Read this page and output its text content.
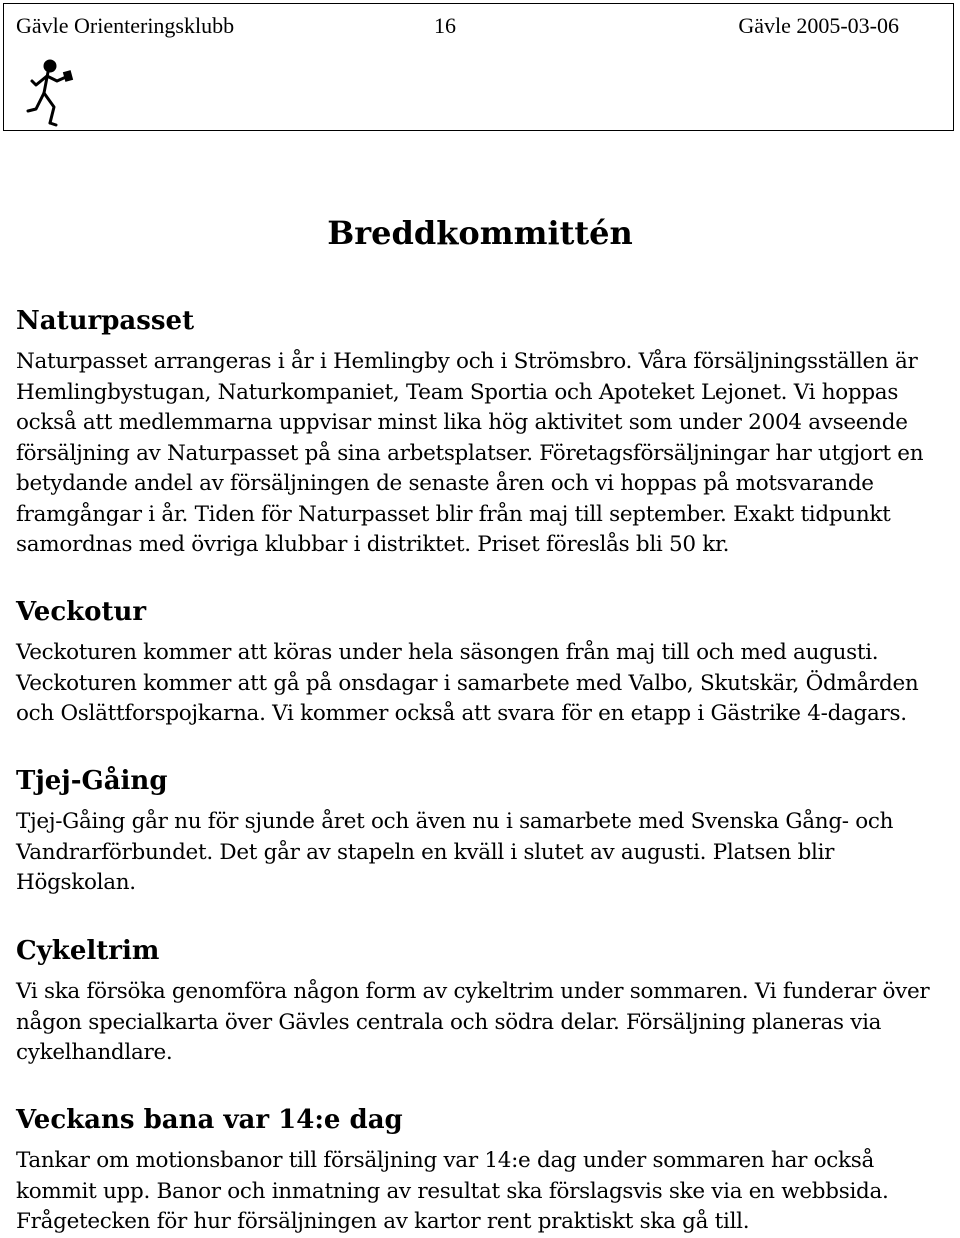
Gävle Orienteringsklubb	16	Gävle 2005-03-06
Breddkommittén
Naturpasset

Naturpasset arrangeras i år i Hemlingby och i Strömsbro. Våra försäljningsställen är Hemlingbystugan, Naturkompaniet, Team Sportia och Apoteket Lejonet. Vi hoppas också att medlemmarna uppvisar minst lika hög aktivitet som under 2004 avseende försäljning av Naturpasset på sina arbetsplatser. Företagsförsäljningar har utgjort en betydande andel av försäljningen de senaste åren och vi hoppas på motsvarande framgångar i år. Tiden för Naturpasset blir från maj till september. Exakt tidpunkt samordnas med övriga klubbar i distriktet. Priset föreslås bli 50 kr.

Veckotur

Veckoturen kommer att köras under hela säsongen från maj till och med augusti. Veckoturen kommer att gå på onsdagar i samarbete med Valbo, Skutskär, Ödmården och Oslättforspojkarna. Vi kommer också att svara för en etapp i Gästrike 4-dagars.

Tjej-Gåing

Tjej-Gåing går nu för sjunde året och även nu i samarbete med Svenska Gång- och Vandrarförbundet. Det går av stapeln en kväll i slutet av augusti. Platsen blir Högskolan.

Cykeltrim

Vi ska försöka genomföra någon form av cykeltrim under sommaren. Vi funderar över någon specialkarta över Gävles centrala och södra delar. Försäljning planeras via cykelhandlare.

Veckans bana var 14:e dag

Tankar om motionsbanor till försäljning var 14:e dag under sommaren har också kommit upp. Banor och inmatning av resultat ska förslagsvis ske via en webbsida. Frågetecken för hur försäljningen av kartor rent praktiskt ska gå till.
